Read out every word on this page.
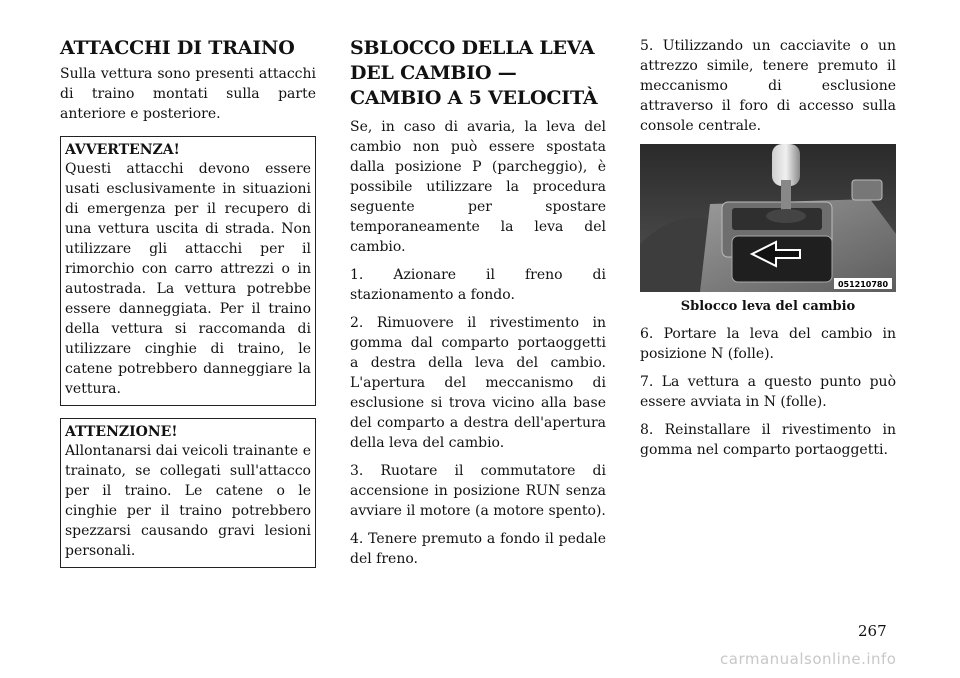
ATTACCHI DI TRAINO

Sulla vettura sono presenti attacchi di traino montati sulla parte anteriore e posteriore.

AVVERTENZA!

Questi attacchi devono essere usati esclusivamente in situazioni di emergenza per il recupero di una vettura uscita di strada. Non utilizzare gli attacchi per il rimorchio con carro attrezzi o in autostrada. La vettura potrebbe essere danneggiata. Per il traino della vettura si raccomanda di utilizzare cinghie di traino, le catene potrebbero danneggiare la vettura.

ATTENZIONE!

Allontanarsi dai veicoli trainante e trainato, se collegati sull'attacco per il traino. Le catene o le cinghie per il traino potrebbero spezzarsi causando gravi lesioni personali.

SBLOCCO DELLA LEVA DEL CAMBIO — CAMBIO A 5 VELOCITÀ

Se, in caso di avaria, la leva del cambio non può essere spostata dalla posizione P (parcheggio), è possibile utilizzare la procedura seguente per spostare temporaneamente la leva del cambio.

1. Azionare il freno di stazionamento a fondo.

2. Rimuovere il rivestimento in gomma dal comparto portaoggetti a destra della leva del cambio. L'apertura del meccanismo di esclusione si trova vicino alla base del comparto a destra dell'apertura della leva del cambio.

3. Ruotare il commutatore di accensione in posizione RUN senza avviare il motore (a motore spento).

4. Tenere premuto a fondo il pedale del freno.

5. Utilizzando un cacciavite o un attrezzo simile, tenere premuto il meccanismo di esclusione attraverso il foro di accesso sulla console centrale.

051210780
Sblocco leva del cambio

6. Portare la leva del cambio in posizione N (folle).

7. La vettura a questo punto può essere avviata in N (folle).

8. Reinstallare il rivestimento in gomma nel comparto portaoggetti.

267
carmanualsonline.info
